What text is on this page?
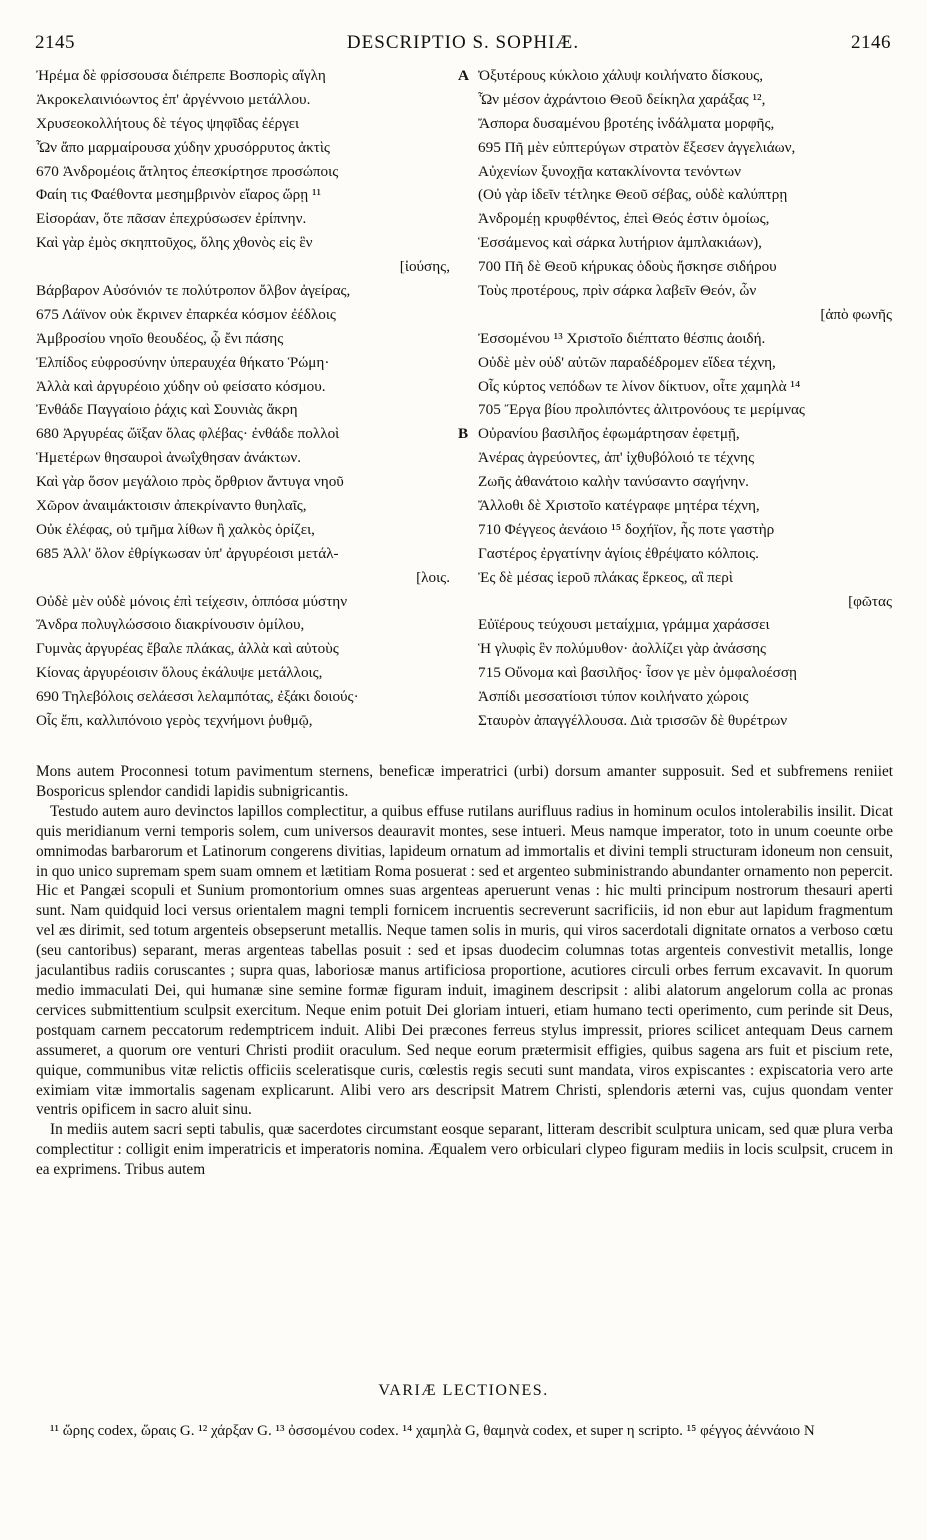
2145	DESCRIPTIO S. SOPHIÆ.	2146
Ἠρέμα δὲ φρίσσουσα διέπρεπε Βοσπορὶς αἴγλη
Ἀκροκελαινιόωντος ἐπ' ἀργέννοιο μετάλλου.
Χρυσεοκολλήτους δὲ τέγος ψηφῖδας ἐέργει
Ὧν ἄπο μαρμαίρουσα χύδην χρυσόρρυτος ἀκτὶς
670 Ἀνδρομέοις ἄτλητος ἐπεσκίρτησε προσώποις
Φαίη τις Φαέθοντα μεσημβρινὸν εἴαρος ὥρῃ ¹¹
Εἰσοράαν, ὅτε πᾶσαν ἐπεχρύσωσεν ἐρίπνην.
Καὶ γὰρ ἐμὸς σκηπτοῦχος, ὅλης χθονὸς εἰς ἓν
[ἰούσης,
Βάρβαρον Αὐσόνιόν τε πολύτροπον ὄλβον ἀγείρας,
675 Λάϊνον οὐκ ἔκρινεν ἐπαρκέα κόσμον ἐέδλοις
Ἀμβροσίου νηοῖο θεουδέος, ᾧ ἔνι πάσης
Ἐλπίδος εὐφροσύνην ὑπεραυχέα θήκατο Ῥώμη·
Ἀλλὰ καὶ ἀργυρέοιο χύδην οὐ φείσατο κόσμου.
Ἐνθάδε Παγγαίοιο ῥάχις καὶ Σουνιὰς ἄκρη
680 Ἀργυρέας ὤϊξαν ὅλας φλέβας· ἐνθάδε πολλοὶ
Ἡμετέρων θησαυροὶ ἀνωΐχθησαν ἀνάκτων.
Καὶ γὰρ ὅσον μεγάλοιο πρὸς ὄρθριον ἄντυγα νηοῦ
Χῶρον ἀναιμάκτοισιν ἀπεκρίναντο θυηλαῖς,
Οὐκ ἐλέφας, οὐ τμῆμα λίθων ἢ χαλκὸς ὁρίζει,
685 Ἀλλ' ὅλον ἐθρίγκωσαν ὑπ' ἀργυρέοισι μετάλ-
[λοις.
Οὐδὲ μὲν οὐδὲ μόνοις ἐπὶ τείχεσιν, ὁππόσα μύστην
Ἄνδρα πολυγλώσσοιο διακρίνουσιν ὁμίλου,
Γυμνὰς ἀργυρέας ἔβαλε πλάκας, ἀλλὰ καὶ αὐτοὺς
Κίονας ἀργυρέοισιν ὅλους ἐκάλυψε μετάλλοις,
690 Τηλεβόλοις σελάεσσι λελαμπότας, ἐξάκι δοιούς·
Οἷς ἔπι, καλλιπόνοιο γερὸς τεχνήμονι ῥυθμῷ,
A Ὀξυτέρους κύκλοιο χάλυψ κοιλήνατο δίσκους,
Ὧν μέσον ἀχράντοιο Θεοῦ δείκηλα χαράξας ¹²,
Ἄσπορα δυσαμένου βροτέης ἰνδάλματα μορφῆς,
695 Πῆ μὲν εὐπτερύγων στρατὸν ἔξεσεν ἀγγελιάων,
Αὐχενίων ξυνοχῇα κατακλίνοντα τενόντων
(Οὐ γὰρ ἰδεῖν τέτληκε Θεοῦ σέβας, οὐδὲ καλύπτρῃ
Ἀνδρομέῃ κρυφθέντος, ἐπεὶ Θεός ἐστιν ὁμοίως,
Ἑσσάμενος καὶ σάρκα λυτήριον ἀμπλακιάων),
700 Πῆ δὲ Θεοῦ κήρυκας ὁδοὺς ἤσκησε σιδήρου
Τοὺς προτέρους, πρὶν σάρκα λαβεῖν Θεόν, ὧν
[ἀπὸ φωνῆς
Ἐσσομένου ¹³ Χριστοῖο διέπτατο θέσπις ἀοιδή.
Οὐδὲ μὲν οὐδ' αὐτῶν παραδέδρομεν εἴδεα τέχνη,
Οἷς κύρτος νεπόδων τε λίνον δίκτυον, οἶτε χαμηλὰ ¹⁴
705 Ἔργα βίου προλιπόντες ἀλιτρονόους τε μερίμνας
B Οὐρανίου βασιλῆος ἐφωμάρτησαν ἐφετμῇ,
Ἀνέρας ἀγρεύοντες, ἀπ' ἰχθυβόλοιό τε τέχνης
Ζωῆς ἀθανάτοιο καλὴν τανύσαντο σαγήνην.
Ἄλλοθι δὲ Χριστοῖο κατέγραφε μητέρα τέχνη,
710 Φέγγεος ἀενάοιο ¹⁵ δοχήϊον, ἧς ποτε γαστὴρ
Γαστέρος ἐργατίνην ἁγίοις ἐθρέψατο κόλποις.
Ἐς δὲ μέσας ἱεροῦ πλάκας ἕρκεος, αἳ περὶ
[φῶτας
Εὐϊέρους τεύχουσι μεταίχμια, γράμμα χαράσσει
Ἡ γλυφὶς ἓν πολύμυθον· ἀολλίζει γὰρ ἀνάσσης
715 Οὔνομα καὶ βασιλῆος· ἶσον γε μὲν ὀμφαλοέσσῃ
Ἀσπίδι μεσσατίοισι τύπον κοιλήνατο χώροις
Σταυρὸν ἀπαγγέλλουσα. Διὰ τρισσῶν δὲ θυρέτρων

Mons autem Proconnesi totum pavimentum sternens, beneficæ imperatrici (urbi) dorsum amanter supposuit. Sed et subfremens reniiet Bosporicus splendor candidi lapidis subnigricantis.

Testudo autem auro devinctos lapillos complectitur, a quibus effuse rutilans aurifluus radius in hominum oculos intolerabilis insilit. Dicat quis meridianum verni temporis solem, cum universos deauravit montes, sese intueri. Meus namque imperator, toto in unum coeunte orbe omnimodas barbarorum et Latinorum congerens divitias, lapideum ornatum ad immortalis et divini templi structuram idoneum non censuit, in quo unico supremam spem suam omnem et lætitiam Roma posuerat : sed et argenteo subministrando abundanter ornamento non pepercit. Hic et Pangæi scopuli et Sunium promontorium omnes suas argenteas aperuerunt venas : hic multi principum nostrorum thesauri aperti sunt. Nam quidquid loci versus orientalem magni templi fornicem incruentis secreverunt sacrificiis, id non ebur aut lapidum fragmentum vel æs dirimit, sed totum argenteis obsepserunt metallis. Neque tamen solis in muris, qui viros sacerdotali dignitate ornatos a verboso cœtu (seu cantoribus) separant, meras argenteas tabellas posuit : sed et ipsas duodecim columnas totas argenteis convestivit metallis, longe jaculantibus radiis coruscantes ; supra quas, laboriosæ manus artificiosa proportione, acutiores circuli orbes ferrum excavavit. In quorum medio immaculati Dei, qui humanæ sine semine formæ figuram induit, imaginem descripsit : alibi alatorum angelorum colla ac pronas cervices submittentium sculpsit exercitum. Neque enim potuit Dei gloriam intueri, etiam humano tecti operimento, cum perinde sit Deus, postquam carnem peccatorum redemptricem induit. Alibi Dei præcones ferreus stylus impressit, priores scilicet antequam Deus carnem assumeret, a quorum ore venturi Christi prodiit oraculum. Sed neque eorum prætermisit effigies, quibus sagena ars fuit et piscium rete, quique, communibus vitæ relictis officiis sceleratisque curis, cœlestis regis secuti sunt mandata, viros expiscantes : expiscatoria vero arte eximiam vitæ immortalis sagenam explicarunt. Alibi vero ars descripsit Matrem Christi, splendoris æterni vas, cujus quondam venter ventris opificem in sacro aluit sinu.

In mediis autem sacri septi tabulis, quæ sacerdotes circumstant eosque separant, litteram describit sculptura unicam, sed quæ plura verba complectitur : colligit enim imperatricis et imperatoris nomina. Æqualem vero orbiculari clypeo figuram mediis in locis sculpsit, crucem in ea exprimens. Tribus autem

VARIÆ LECTIONES.
¹¹ ὥρης codex, ὥραις G. ¹² χάρξαν G. ¹³ ὀσσομένου codex. ¹⁴ χαμηλὰ G, θαμηνὰ codex, et super η scripto. ¹⁵ φέγγος ἀέννάοιο N
